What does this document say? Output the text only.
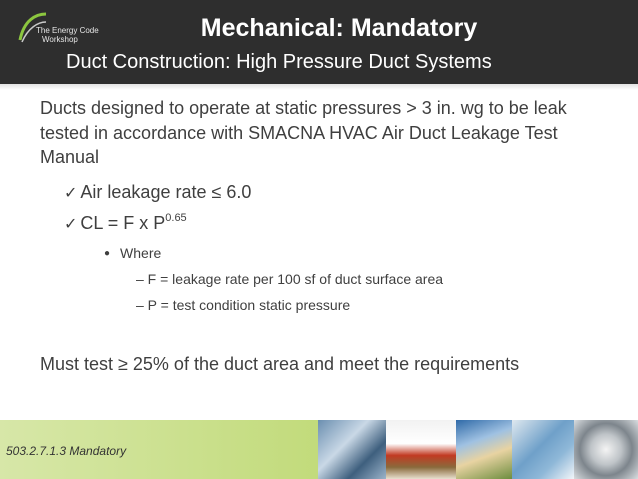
The Energy Code
Workshop	Mechanical: Mandatory
Duct Construction: High Pressure Duct Systems
Ducts designed to operate at static pressures > 3 in. wg to be leak tested in accordance with SMACNA HVAC Air Duct Leakage Test Manual
✓ Air leakage rate ≤ 6.0
✓ CL = F x $P^{0.65}$
● Where
– F = leakage rate per 100 sf of duct surface area
– P = test condition static pressure
Must test ≥ 25% of the duct area and meet the requirements
503.2.7.1.3 Mandatory
